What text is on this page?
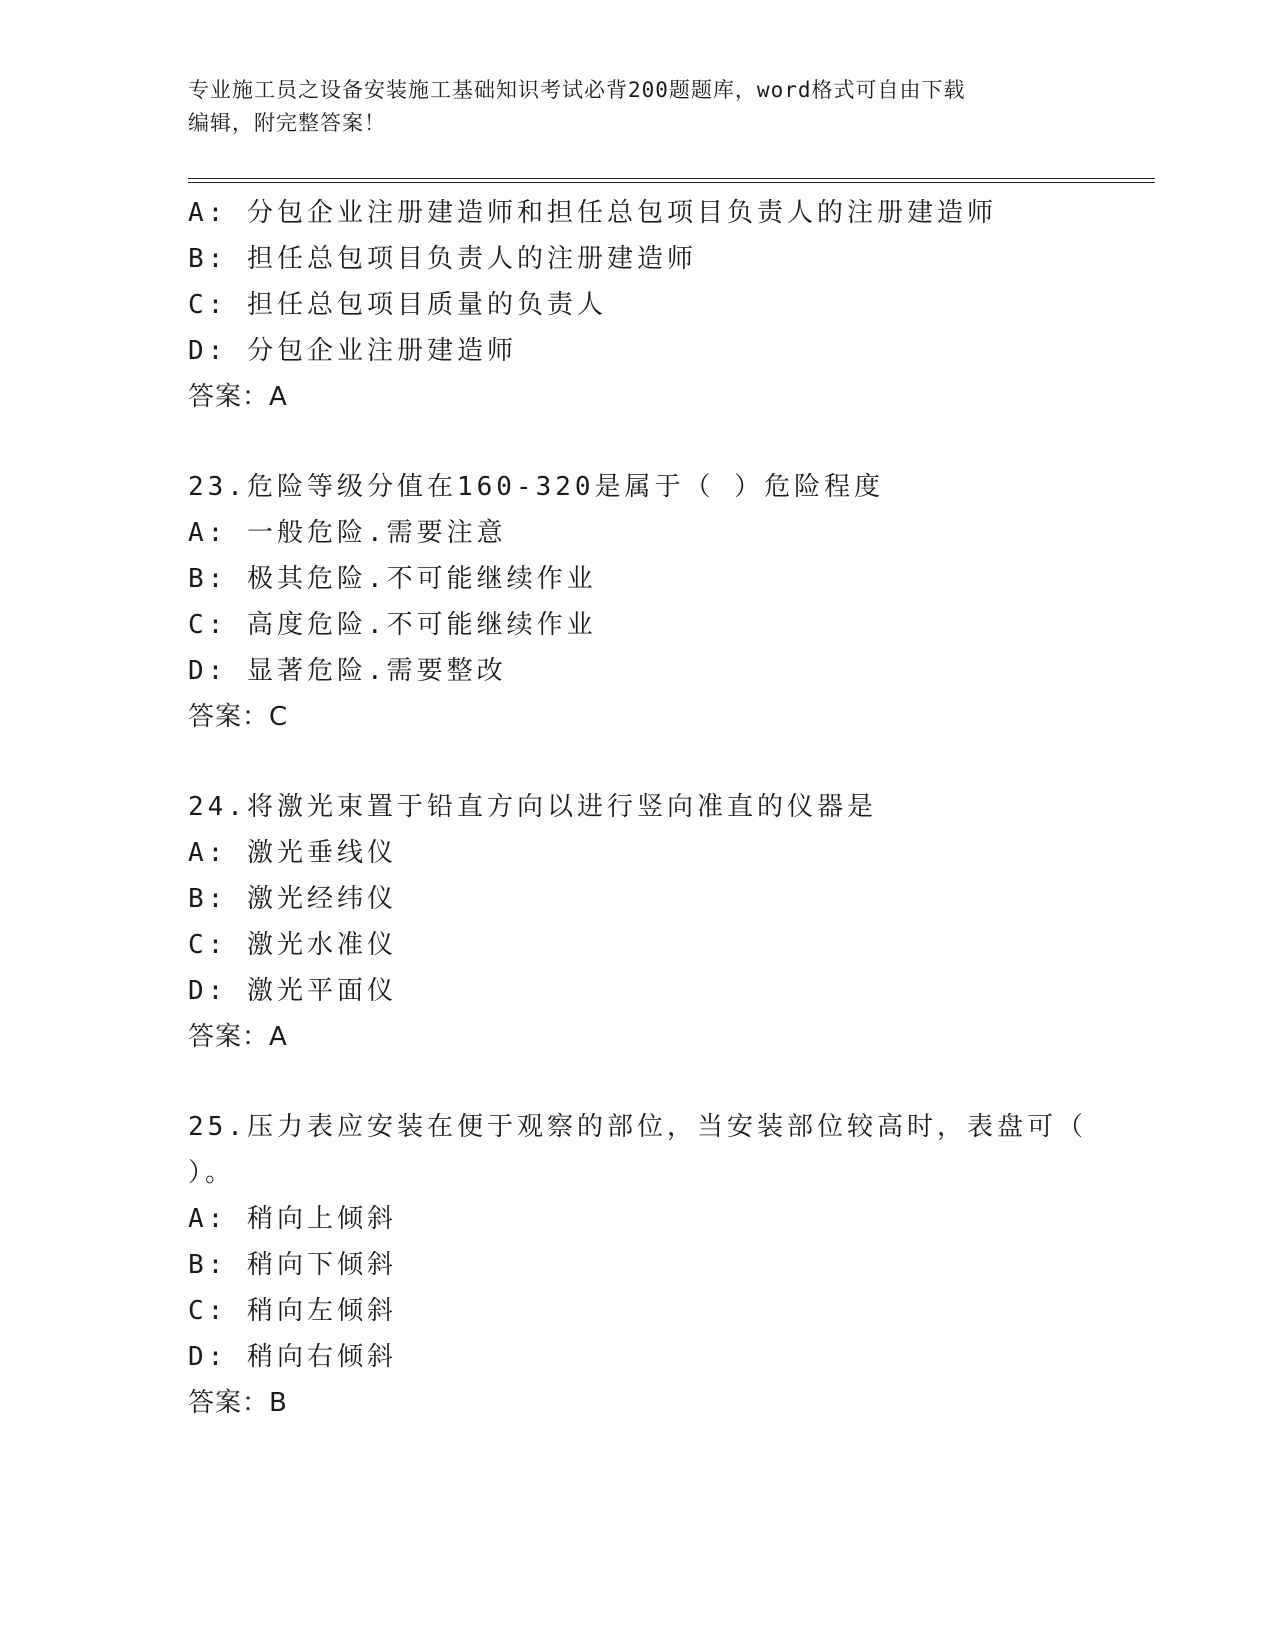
专业施工员之设备安装施工基础知识考试必背200题题库，word格式可自由下载
编辑，附完整答案！
A: 分包企业注册建造师和担任总包项目负责人的注册建造师
B: 担任总包项目负责人的注册建造师
C: 担任总包项目质量的负责人
D: 分包企业注册建造师
答案：A
23.危险等级分值在160-320是属于（ ）危险程度
A: 一般危险.需要注意
B: 极其危险.不可能继续作业
C: 高度危险.不可能继续作业
D: 显著危险.需要整改
答案：C
24.将激光束置于铅直方向以进行竖向准直的仪器是
A: 激光垂线仪
B: 激光经纬仪
C: 激光水准仪
D: 激光平面仪
答案：A
25.压力表应安装在便于观察的部位，当安装部位较高时，表盘可（
）。
A: 稍向上倾斜
B: 稍向下倾斜
C: 稍向左倾斜
D: 稍向右倾斜
答案：B
